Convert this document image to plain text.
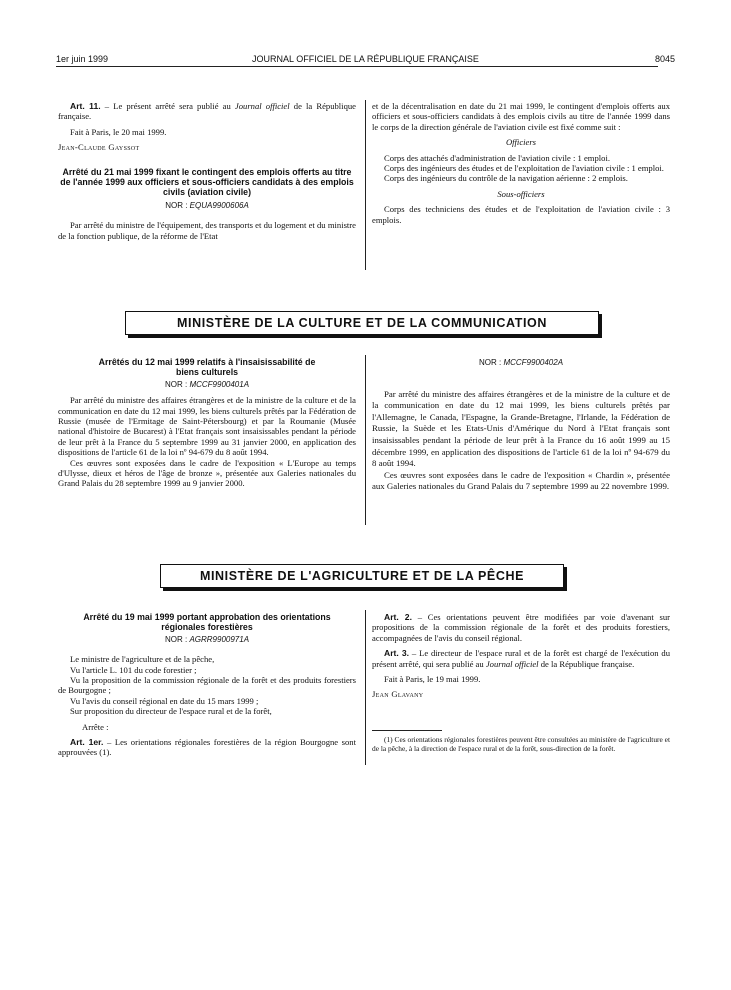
1er juin 1999	JOURNAL OFFICIEL DE LA RÉPUBLIQUE FRANÇAISE	8045

Art. 11. – Le présent arrêté sera publié au Journal officiel de la République française.

Fait à Paris, le 20 mai 1999.

Jean-Claude Gayssot

Arrêté du 21 mai 1999 fixant le contingent des emplois offerts au titre de l'année 1999 aux officiers et sous-officiers candidats à des emplois civils (aviation civile)
NOR : EQUA9900606A

Par arrêté du ministre de l'équipement, des transports et du logement et du ministre de la fonction publique, de la réforme de l'Etat

et de la décentralisation en date du 21 mai 1999, le contingent d'emplois offerts aux officiers et sous-officiers candidats à des emplois civils au titre de l'année 1999 dans le corps de la direction générale de l'aviation civile est fixé comme suit :

Officiers

Corps des attachés d'administration de l'aviation civile : 1 emploi.

Corps des ingénieurs des études et de l'exploitation de l'aviation civile : 1 emploi.

Corps des ingénieurs du contrôle de la navigation aérienne : 2 emplois.

Sous-officiers

Corps des techniciens des études et de l'exploitation de l'aviation civile : 3 emplois.

MINISTÈRE DE LA CULTURE ET DE LA COMMUNICATION
Arrêtés du 12 mai 1999 relatifs à l'insaisissabilité de biens culturels
NOR : MCCF9900401A

Par arrêté du ministre des affaires étrangères et de la ministre de la culture et de la communication en date du 12 mai 1999, les biens culturels prêtés par la Fédération de Russie (musée de l'Ermitage de Saint-Pétersbourg) et par la Roumanie (Musée national d'histoire de Bucarest) à l'Etat français sont insaisissables pendant la période de leur prêt à la France du 5 septembre 1999 au 31 janvier 2000, en application des dispositions de l'article 61 de la loi nº 94-679 du 8 août 1994.

Ces œuvres sont exposées dans le cadre de l'exposition « L'Europe au temps d'Ulysse, dieux et héros de l'âge de bronze », présentée aux Galeries nationales du Grand Palais du 28 septembre 1999 au 9 janvier 2000.

NOR : MCCF9900402A

Par arrêté du ministre des affaires étrangères et de la ministre de la culture et de la communication en date du 12 mai 1999, les biens culturels prêtés par l'Allemagne, le Canada, l'Espagne, la Grande-Bretagne, l'Irlande, la Fédération de Russie, la Suède et les Etats-Unis d'Amérique du Nord à l'Etat français sont insaisissables pendant la période de leur prêt à la France du 16 août 1999 au 15 décembre 1999, en application des dispositions de l'article 61 de la loi nº 94-679 du 8 août 1994.

Ces œuvres sont exposées dans le cadre de l'exposition « Chardin », présentée aux Galeries nationales du Grand Palais du 7 septembre 1999 au 22 novembre 1999.

MINISTÈRE DE L'AGRICULTURE ET DE LA PÊCHE
Arrêté du 19 mai 1999 portant approbation des orientations régionales forestières
NOR : AGRR9900971A

Le ministre de l'agriculture et de la pêche,

Vu l'article L. 101 du code forestier ;

Vu la proposition de la commission régionale de la forêt et des produits forestiers de Bourgogne ;

Vu l'avis du conseil régional en date du 15 mars 1999 ;

Sur proposition du directeur de l'espace rural et de la forêt,

Arrête :

Art. 1er. – Les orientations régionales forestières de la région Bourgogne sont approuvées (1).

Art. 2. – Ces orientations peuvent être modifiées par voie d'avenant sur propositions de la commission régionale de la forêt et des produits forestiers, accompagnées de l'avis du conseil régional.

Art. 3. – Le directeur de l'espace rural et de la forêt est chargé de l'exécution du présent arrêté, qui sera publié au Journal officiel de la République française.

Fait à Paris, le 19 mai 1999.

Jean Glavany

(1) Ces orientations régionales forestières peuvent être consultées au ministère de l'agriculture et de la pêche, à la direction de l'espace rural et de la forêt, sous-direction de la forêt.
